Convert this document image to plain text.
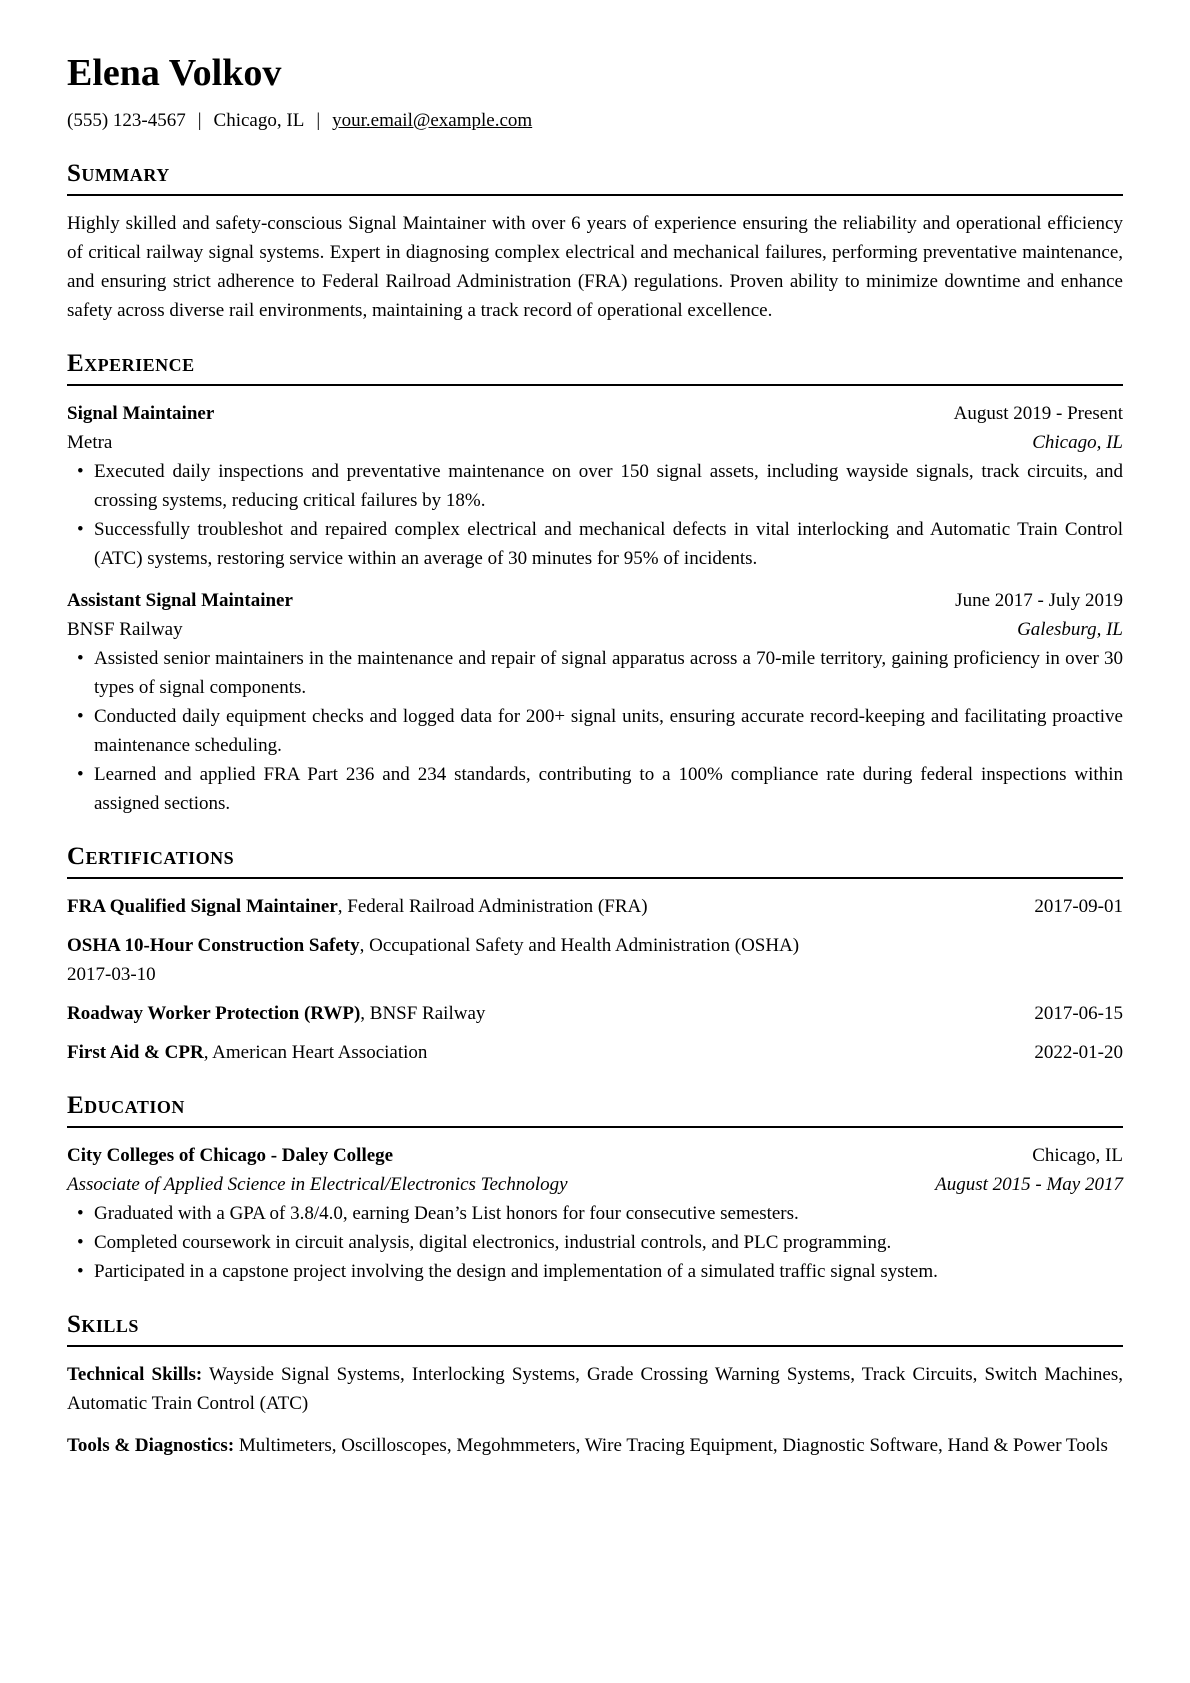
Elena Volkov
(555) 123-4567 | Chicago, IL | your.email@example.com
Summary

Highly skilled and safety-conscious Signal Maintainer with over 6 years of experience ensuring the reliability and operational efficiency of critical railway signal systems. Expert in diagnosing complex electrical and mechanical failures, performing preventative maintenance, and ensuring strict adherence to Federal Railroad Administration (FRA) regulations. Proven ability to minimize downtime and enhance safety across diverse rail environments, maintaining a track record of operational excellence.

Experience
Signal Maintainer	August 2019 - Present
Metra	Chicago, IL
• Executed daily inspections and preventative maintenance on over 150 signal assets, including wayside signals, track circuits, and crossing systems, reducing critical failures by 18%.
• Successfully troubleshot and repaired complex electrical and mechanical defects in vital interlocking and Automatic Train Control (ATC) systems, restoring service within an average of 30 minutes for 95% of incidents.
Assistant Signal Maintainer	June 2017 - July 2019
BNSF Railway	Galesburg, IL
• Assisted senior maintainers in the maintenance and repair of signal apparatus across a 70-mile territory, gaining proficiency in over 30 types of signal components.
• Conducted daily equipment checks and logged data for 200+ signal units, ensuring accurate record-keeping and facilitating proactive maintenance scheduling.
• Learned and applied FRA Part 236 and 234 standards, contributing to a 100% compliance rate during federal inspections within assigned sections.
Certifications
FRA Qualified Signal Maintainer, Federal Railroad Administration (FRA)	2017-09-01
OSHA 10-Hour Construction Safety, Occupational Safety and Health Administration (OSHA)
2017-03-10
Roadway Worker Protection (RWP), BNSF Railway	2017-06-15
First Aid & CPR, American Heart Association	2022-01-20
Education
City Colleges of Chicago - Daley College	Chicago, IL
Associate of Applied Science in Electrical/Electronics Technology	August 2015 - May 2017
• Graduated with a GPA of 3.8/4.0, earning Dean’s List honors for four consecutive semesters.
• Completed coursework in circuit analysis, digital electronics, industrial controls, and PLC programming.
• Participated in a capstone project involving the design and implementation of a simulated traffic signal system.
Skills

Technical Skills: Wayside Signal Systems, Interlocking Systems, Grade Crossing Warning Systems, Track Circuits, Switch Machines, Automatic Train Control (ATC)

Tools & Diagnostics: Multimeters, Oscilloscopes, Megohmmeters, Wire Tracing Equipment, Diagnostic Software, Hand & Power Tools
